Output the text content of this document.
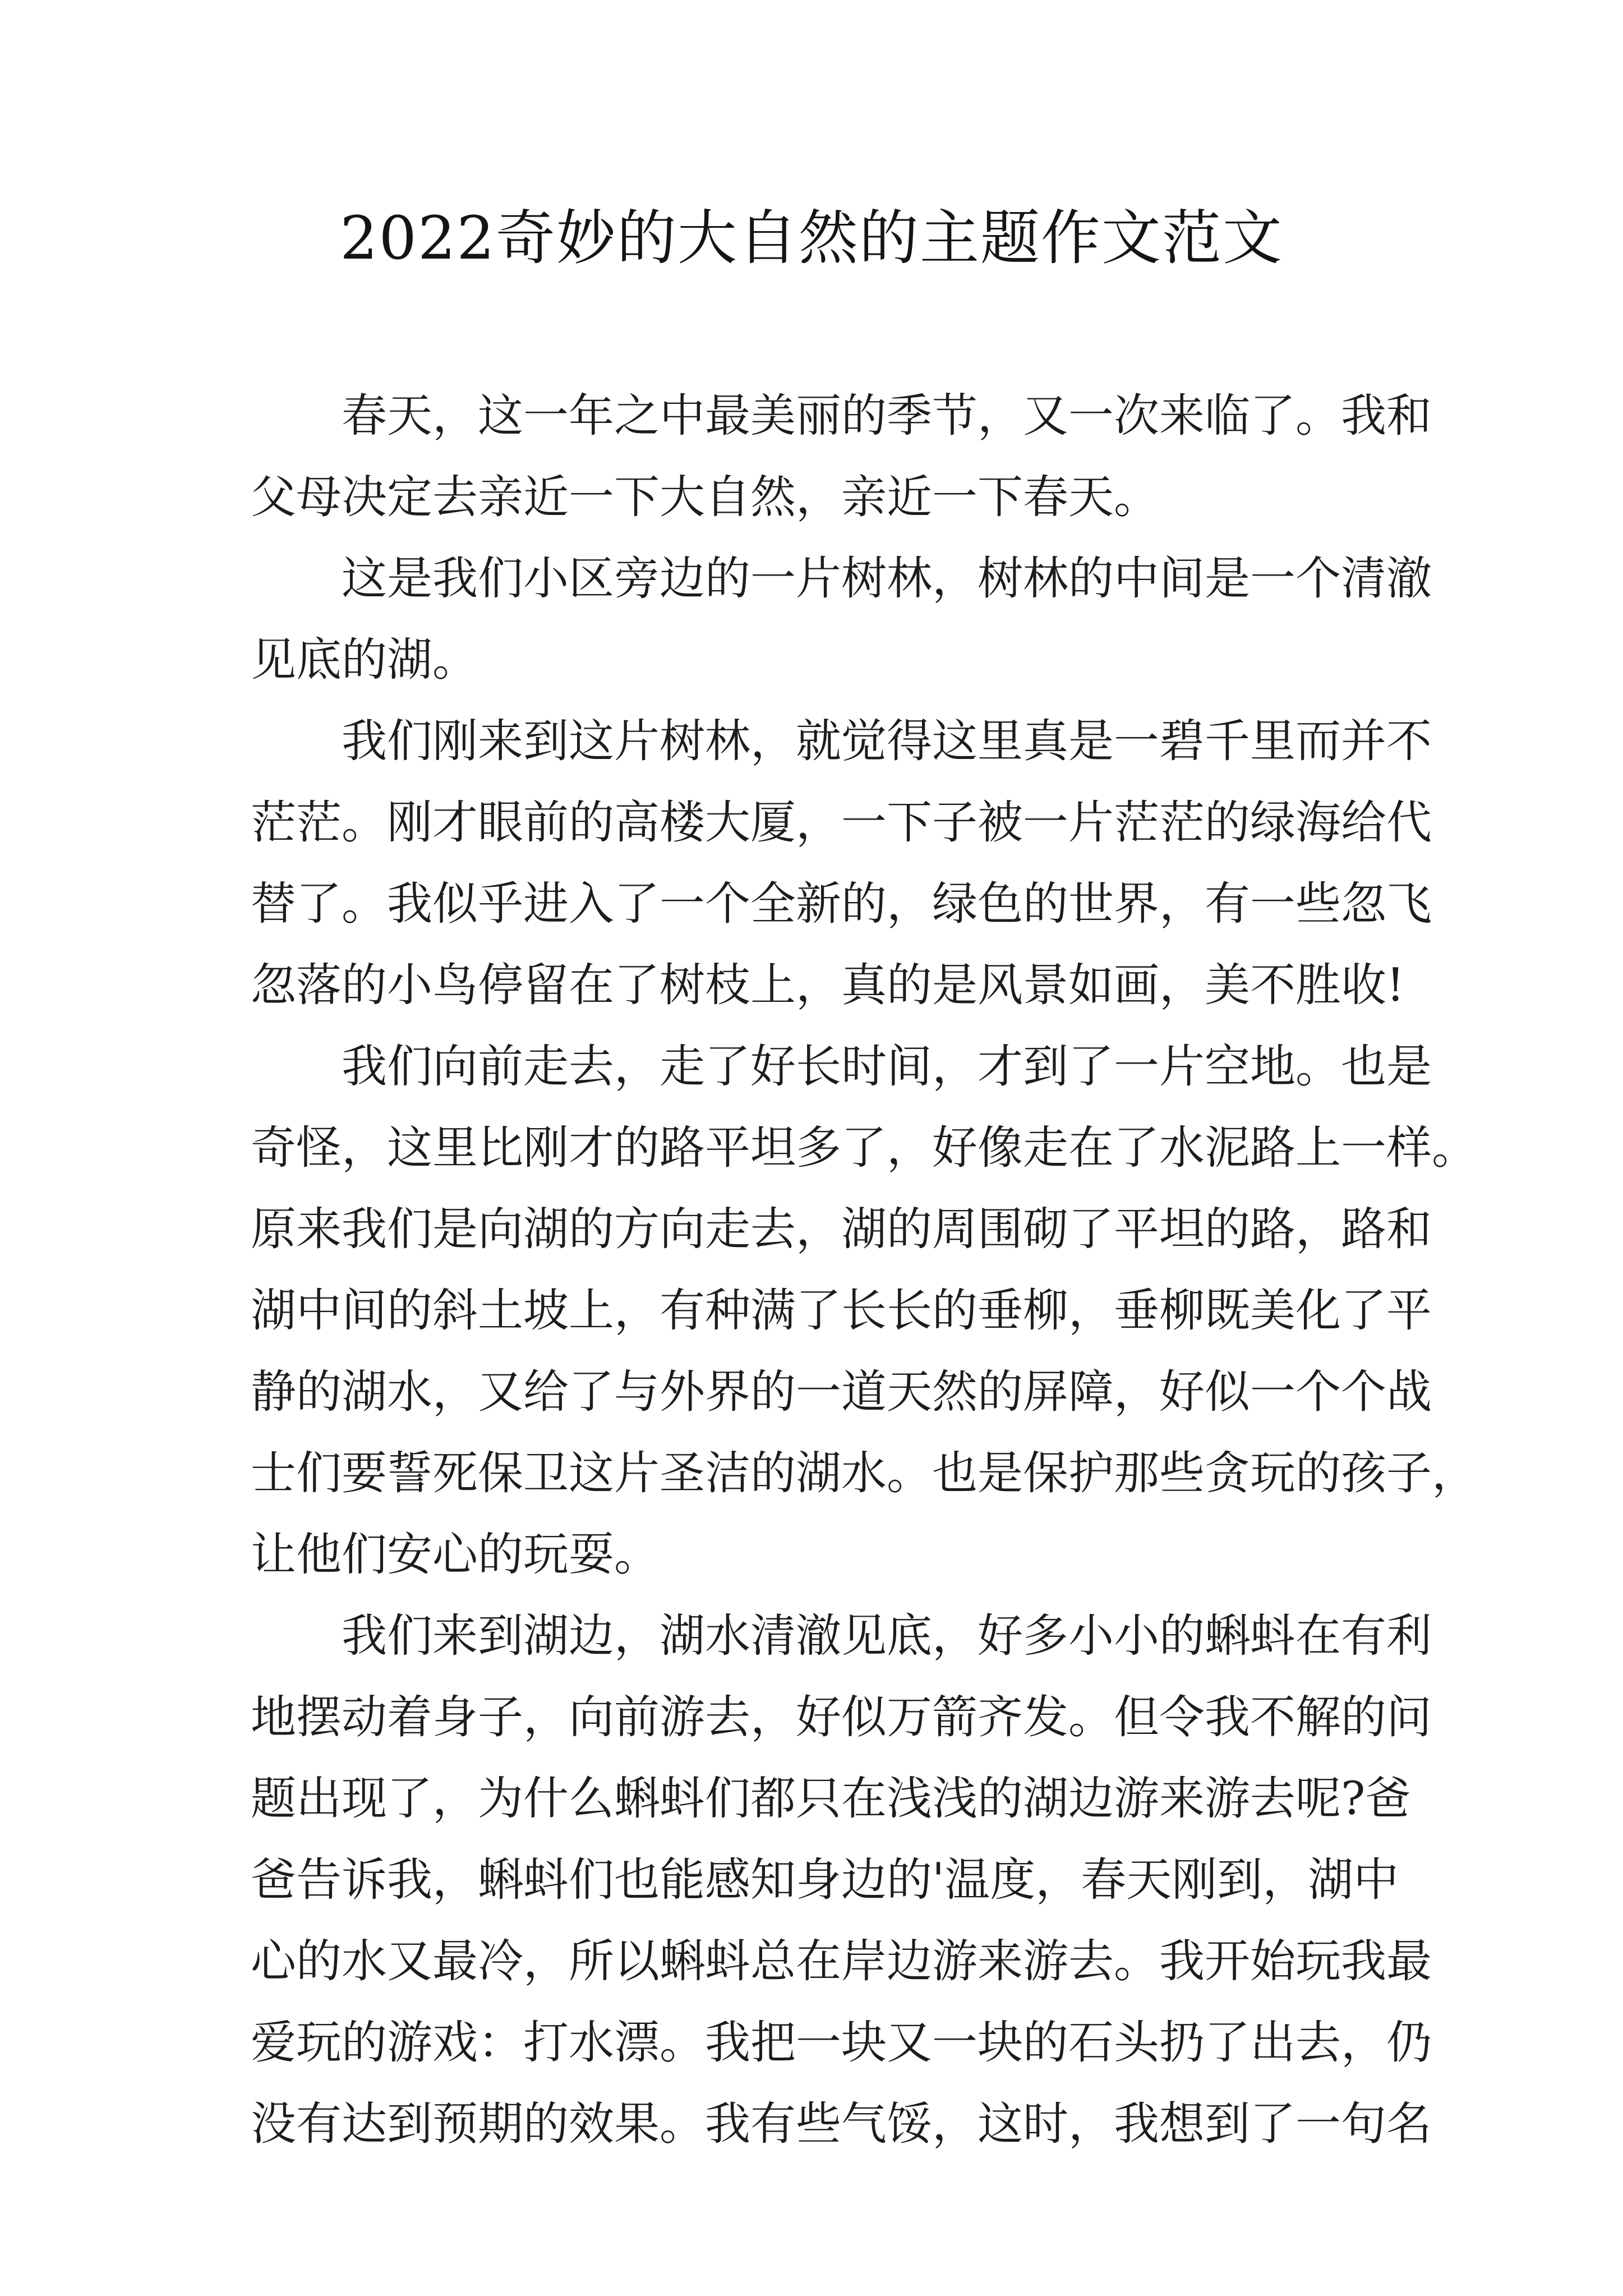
2022奇妙的大自然的主题作文范文
春天，这一年之中最美丽的季节，又一次来临了。我和
父母决定去亲近一下大自然，亲近一下春天。
这是我们小区旁边的一片树林，树林的中间是一个清澈
见底的湖。
我们刚来到这片树林，就觉得这里真是一碧千里而并不
茫茫。刚才眼前的高楼大厦，一下子被一片茫茫的绿海给代
替了。我似乎进入了一个全新的，绿色的世界，有一些忽飞
忽落的小鸟停留在了树枝上，真的是风景如画，美不胜收!
我们向前走去，走了好长时间，才到了一片空地。也是
奇怪，这里比刚才的路平坦多了，好像走在了水泥路上一样。
原来我们是向湖的方向走去，湖的周围砌了平坦的路，路和
湖中间的斜土坡上，有种满了长长的垂柳，垂柳既美化了平
静的湖水，又给了与外界的一道天然的屏障，好似一个个战
士们要誓死保卫这片圣洁的湖水。也是保护那些贪玩的孩子，
让他们安心的玩耍。
我们来到湖边，湖水清澈见底，好多小小的蝌蚪在有利
地摆动着身子，向前游去，好似万箭齐发。但令我不解的问
题出现了，为什么蝌蚪们都只在浅浅的湖边游来游去呢?爸
爸告诉我，蝌蚪们也能感知身边的'温度，春天刚到，湖中
心的水又最冷，所以蝌蚪总在岸边游来游去。我开始玩我最
爱玩的游戏：打水漂。我把一块又一块的石头扔了出去，仍
没有达到预期的效果。我有些气馁，这时，我想到了一句名
